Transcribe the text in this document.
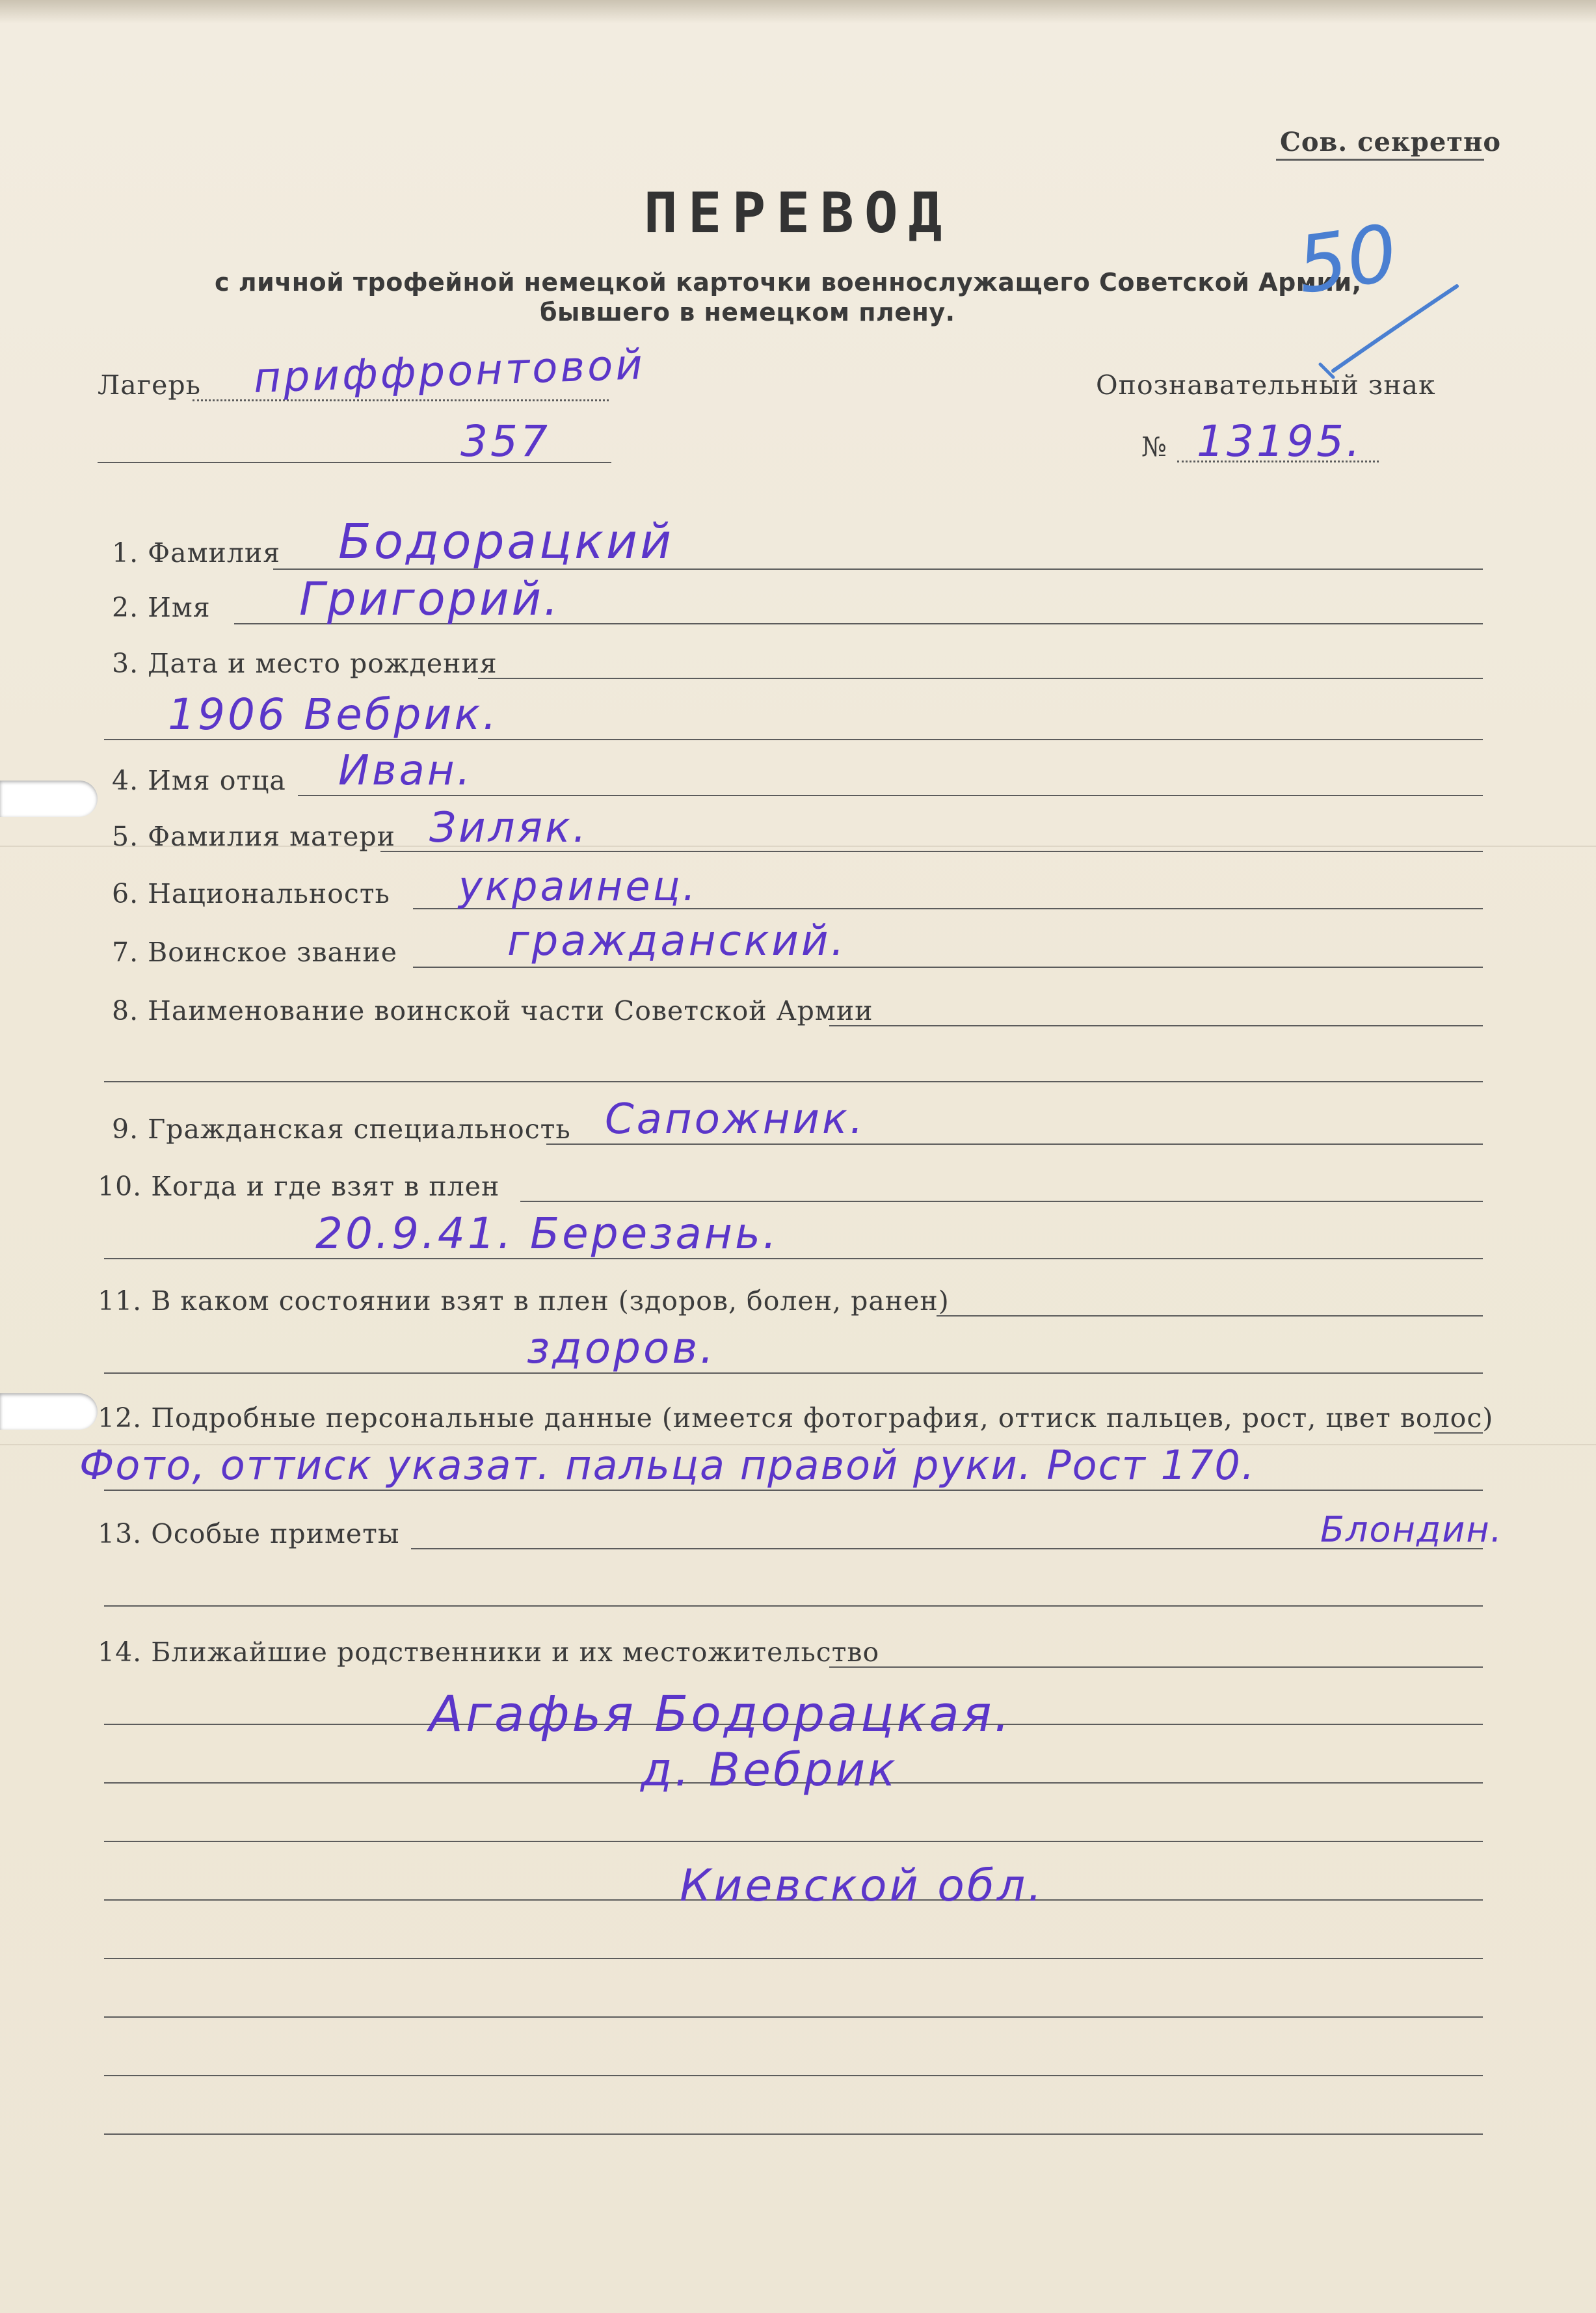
Сов. секретно
ПЕРЕВОД
с личной трофейной немецкой карточки военнослужащего Советской Армии,
бывшего в немецком плену.
50
Лагерь приффронтовой
357
Опознавательный знак
№ 13195.
1. Фамилия Бодорацкий
2. Имя Григорий.
3. Дата и место рождения
1906 Вебрик.
4. Имя отца Иван.
5. Фамилия матери Зиляк.
6. Национальность украинец.
7. Воинское звание	гражданский.
8. Наименование воинской части Советской Армии
9. Гражданская специальность Сапожник.
10. Когда и где взят в плен
20.9.41. Березань.
11. В каком состоянии взят в плен (здоров, болен, ранен)
здоров.
12. Подробные персональные данные (имеется фотография, оттиск пальцев, рост, цвет волос)
Фото, оттиск указат. пальца правой руки. Рост 170.
13. Особые приметы	Блондин.
14. Ближайшие родственники и их местожительство
Агафья Бодорацкая.
д. Вебрик
Киевской обл.
